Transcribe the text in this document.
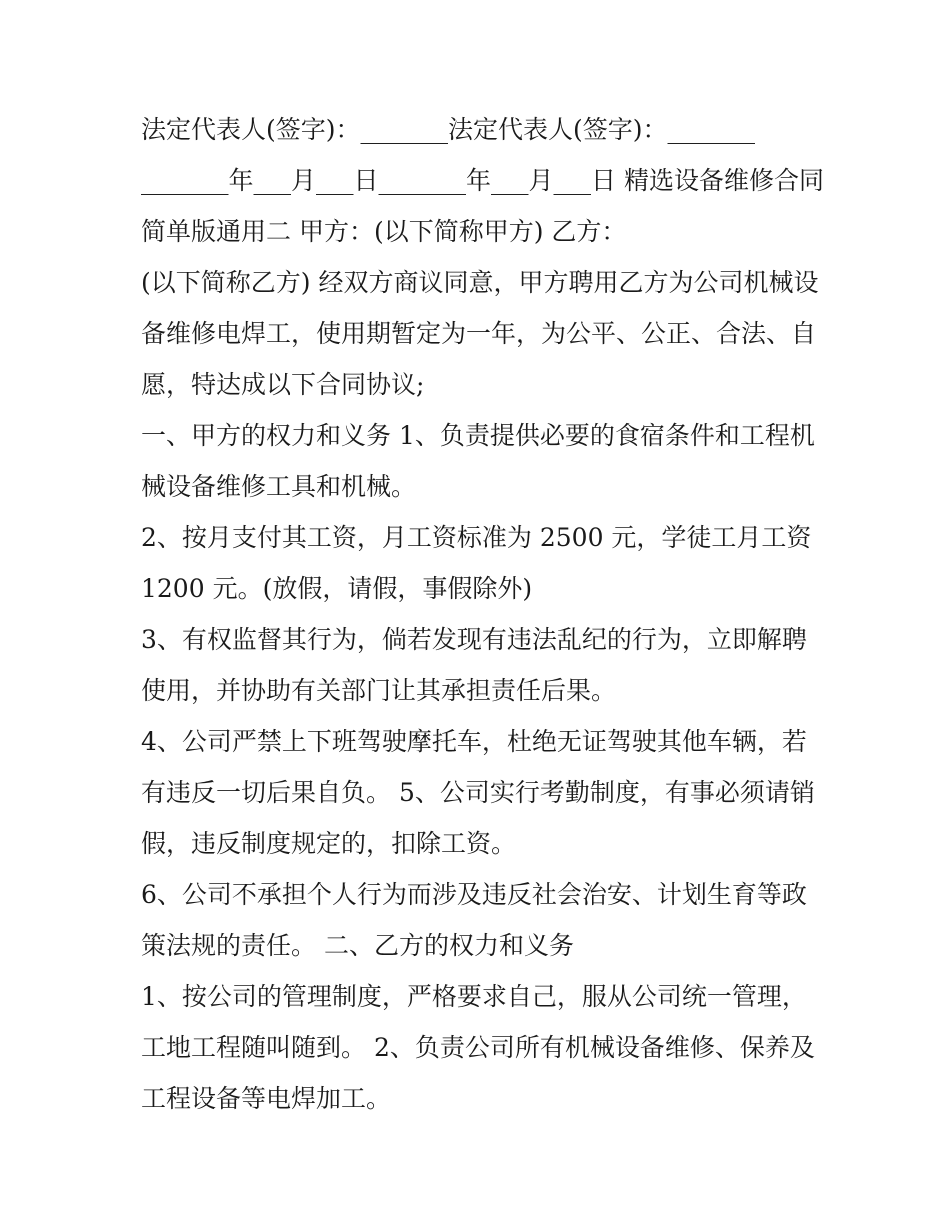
法定代表人(签字)：_______法定代表人(签字)：_______
_______年___月___日_______年___月___日 精选设备维修合同
简单版通用二 甲方：(以下简称甲方) 乙方：
(以下简称乙方) 经双方商议同意，甲方聘用乙方为公司机械设
备维修电焊工，使用期暂定为一年，为公平、公正、合法、自
愿，特达成以下合同协议;
一、甲方的权力和义务 1、负责提供必要的食宿条件和工程机
械设备维修工具和机械。
2、按月支付其工资，月工资标准为 2500 元，学徒工月工资
1200 元。(放假，请假，事假除外)
3、有权监督其行为，倘若发现有违法乱纪的行为，立即解聘
使用，并协助有关部门让其承担责任后果。
4、公司严禁上下班驾驶摩托车，杜绝无证驾驶其他车辆，若
有违反一切后果自负。 5、公司实行考勤制度，有事必须请销
假，违反制度规定的，扣除工资。
6、公司不承担个人行为而涉及违反社会治安、计划生育等政
策法规的责任。 二、乙方的权力和义务
1、按公司的管理制度，严格要求自己，服从公司统一管理，
工地工程随叫随到。 2、负责公司所有机械设备维修、保养及
工程设备等电焊加工。
